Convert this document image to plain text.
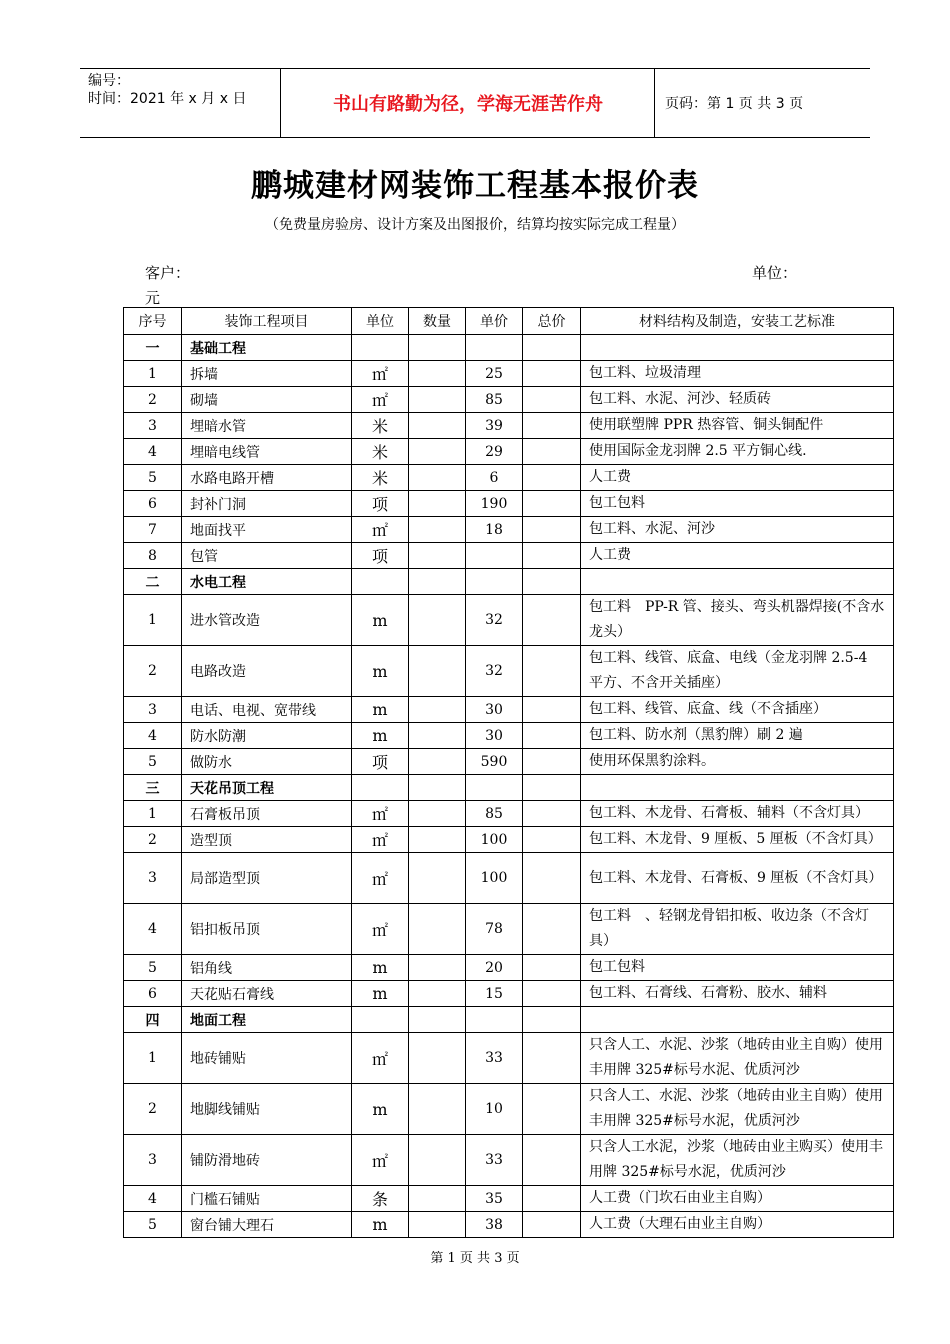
编号：
时间：2021 年 x 月 x 日	书山有路勤为径，学海无涯苦作舟	页码：第 1 页 共 3 页
鹏城建材网装饰工程基本报价表
（免费量房验房、设计方案及出图报价，结算均按实际完成工程量）
客户：	单位：
元
序号	装饰工程项目	单位	数量	单价	总价	材料结构及制造，安装工艺标准
一	基础工程					
1	拆墙	㎡		25		包工料、垃圾清理
2	砌墙	㎡		85		包工料、水泥、河沙、轻质砖
3	埋暗水管	米		39		使用联塑牌 PPR 热容管、铜头铜配件
4	埋暗电线管	米		29		使用国际金龙羽牌 2.5 平方铜心线.
5	水路电路开槽	米		6		人工费
6	封补门洞	项		190		包工包料
7	地面找平	㎡		18		包工料、水泥、河沙
8	包管	项				人工费
二	水电工程					
1	进水管改造	m		32		包工料　PP-R 管、接头、弯头机器焊接(不含水龙头）
2	电路改造	m		32		包工料、线管、底盒、电线（金龙羽牌 2.5-4 平方、不含开关插座）
3	电话、电视、宽带线	m		30		包工料、线管、底盒、线（不含插座）
4	防水防潮	m		30		包工料、防水剂（黑豹牌）刷 2 遍
5	做防水	项		590		使用环保黑豹涂料。
三	天花吊顶工程					
1	石膏板吊顶	㎡		85		包工料、木龙骨、石膏板、辅料（不含灯具）
2	造型顶	㎡		100		包工料、木龙骨、9 厘板、5 厘板（不含灯具）
3	局部造型顶	㎡		100		包工料、木龙骨、石膏板、9 厘板（不含灯具）
4	铝扣板吊顶	㎡		78		包工料　、轻钢龙骨铝扣板、收边条（不含灯具）
5	铝角线	m		20		包工包料
6	天花贴石膏线	m		15		包工料、石膏线、石膏粉、胶水、辅料
四	地面工程					
1	地砖铺贴	㎡		33		只含人工、水泥、沙浆（地砖由业主自购）使用丰用牌 325#标号水泥、优质河沙
2	地脚线铺贴	m		10		只含人工、水泥、沙浆（地砖由业主自购）使用丰用牌 325#标号水泥，优质河沙
3	铺防滑地砖	㎡		33		只含人工水泥，沙浆（地砖由业主购买）使用丰用牌 325#标号水泥，优质河沙
4	门槛石铺贴	条		35		人工费（门坎石由业主自购）
5	窗台铺大理石	m		38		人工费（大理石由业主自购）
第 1 页 共 3 页
